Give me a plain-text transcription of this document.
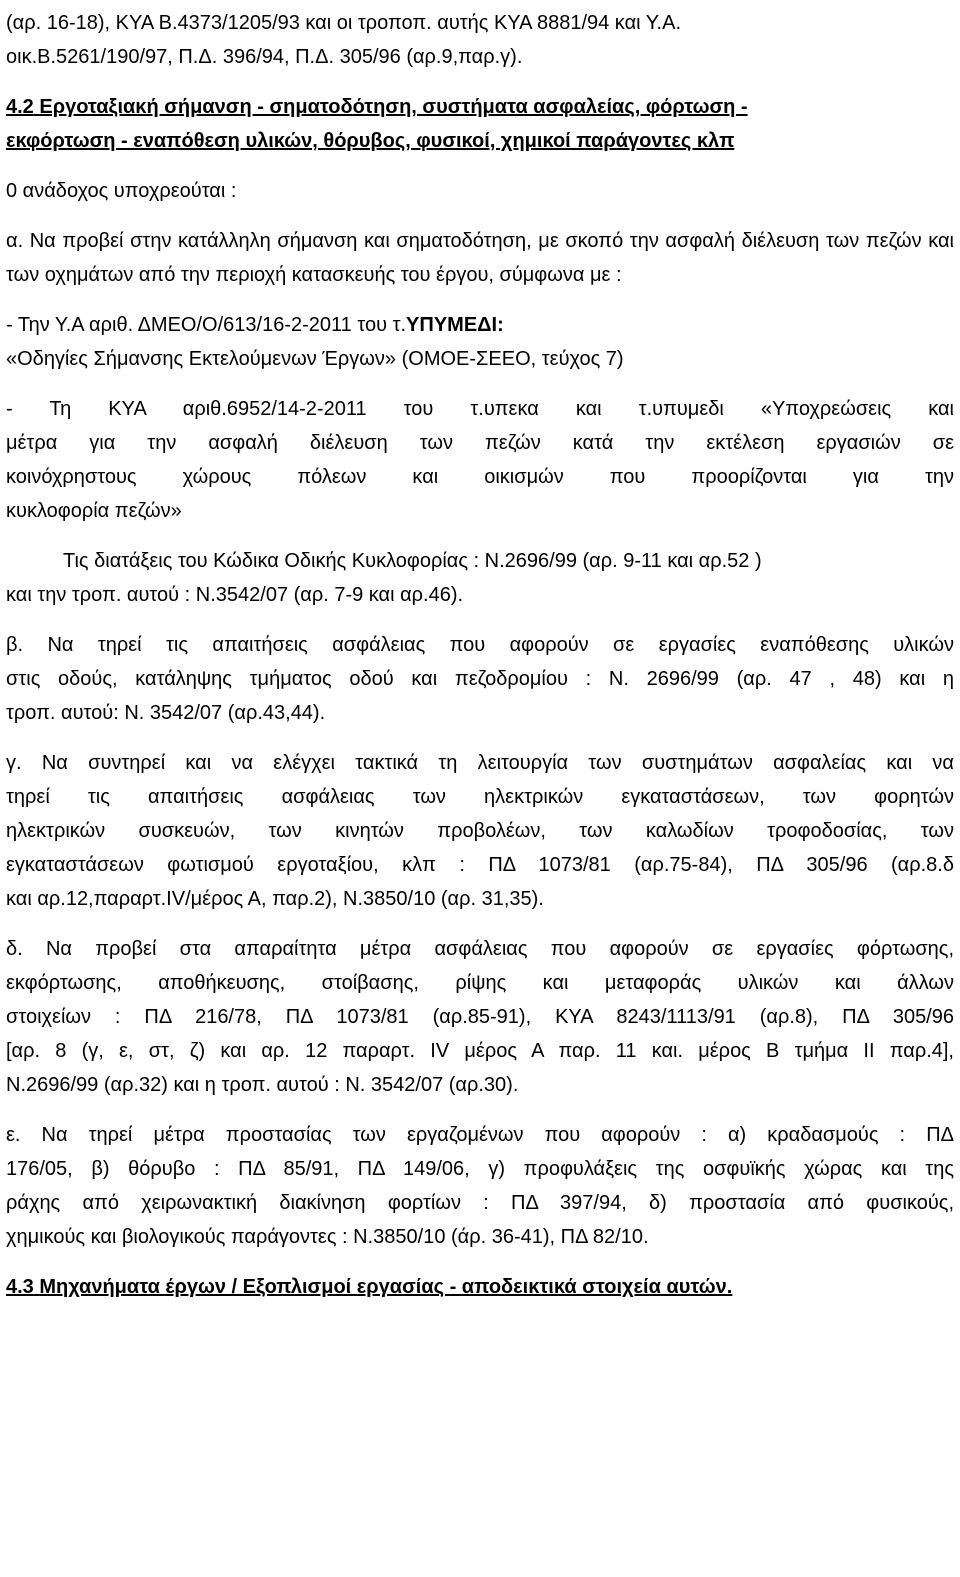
(αρ. 16-18), ΚΥΑ Β.4373/1205/93 και οι τροποπ. αυτής ΚΥΑ 8881/94 και Υ.Α.

οικ.Β.5261/190/97, Π.Δ. 396/94, Π.Δ. 305/96 (αρ.9,παρ.γ).

4.2 Εργοταξιακή σήμανση - σηματοδότηση, συστήματα ασφαλείας, φόρτωση -
εκφόρτωση - εναπόθεση υλικών, θόρυβος, φυσικοί, χημικοί παράγοντες κλπ

0 ανάδοχος υποχρεούται :

α. Να προβεί στην κατάλληλη σήμανση και σηματοδότηση, με σκοπό την ασφαλή διέλευση των πεζών και των οχημάτων από την περιοχή κατασκευής του έργου, σύμφωνα με :

- Την Υ.Α αριθ. ΔΜΕΟ/Ο/613/16-2-2011 του τ.ΥΠΥΜΕΔΙ:

«Οδηγίες Σήμανσης Εκτελούμενων Έργων» (ΟΜΟΕ-ΣΕΕΟ, τεύχος 7)

- Τη ΚΥΑ αριθ.6952/14-2-2011 του τ.υπεκα και τ.υπυμεδι «Υποχρεώσεις και

μέτρα για την ασφαλή διέλευση των πεζών κατά την εκτέλεση εργασιών σε

κοινόχρηστους χώρους πόλεων και οικισμών που προορίζονται για την

κυκλοφορία πεζών»

Τις διατάξεις του Κώδικα Οδικής Κυκλοφορίας : Ν.2696/99 (αρ. 9-11 και αρ.52 )

και την τροπ. αυτού : Ν.3542/07 (αρ. 7-9 και αρ.46).

β. Να τηρεί τις απαιτήσεις ασφάλειας που αφορούν σε εργασίες εναπόθεσης υλικών

στις οδούς, κατάληψης τμήματος οδού και πεζοδρομίου : Ν. 2696/99 (αρ. 47 , 48) και η

τροπ. αυτού: Ν. 3542/07 (αρ.43,44).

γ. Να συντηρεί και να ελέγχει τακτικά τη λειτουργία των συστημάτων ασφαλείας και να

τηρεί τις απαιτήσεις ασφάλειας των ηλεκτρικών εγκαταστάσεων, των φορητών

ηλεκτρικών συσκευών, των κινητών προβολέων, των καλωδίων τροφοδοσίας, των

εγκαταστάσεων φωτισμού εργοταξίου, κλπ : ΠΔ 1073/81 (αρ.75-84), ΠΔ 305/96 (αρ.8.δ

και αρ.12,παραρτ.IV/μέρος Α, παρ.2), Ν.3850/10 (αρ. 31,35).

δ. Να προβεί στα απαραίτητα μέτρα ασφάλειας που αφορούν σε εργασίες φόρτωσης,

εκφόρτωσης, αποθήκευσης, στοίβασης, ρίψης και μεταφοράς υλικών και άλλων

στοιχείων : ΠΔ 216/78, ΠΔ 1073/81 (αρ.85-91), ΚΥΑ 8243/1113/91 (αρ.8), ΠΔ 305/96

[αρ. 8 (γ, ε, στ, ζ) και αρ. 12 παραρτ. IV μέρος Α παρ. 11 και. μέρος Β τμήμα ΙΙ παρ.4],

Ν.2696/99 (αρ.32) και η τροπ. αυτού : Ν. 3542/07 (αρ.30).

ε. Να τηρεί μέτρα προστασίας των εργαζομένων που αφορούν : α) κραδασμούς : ΠΔ

176/05, β) θόρυβο : ΠΔ 85/91, ΠΔ 149/06, γ) προφυλάξεις της οσφυϊκής χώρας και της

ράχης από χειρωνακτική διακίνηση φορτίων : ΠΔ 397/94, δ) προστασία από φυσικούς,

χημικούς και βιολογικούς παράγοντες : Ν.3850/10 (άρ. 36-41), ΠΔ 82/10.

4.3 Μηχανήματα έργων / Εξοπλισμοί εργασίας - αποδεικτικά στοιχεία αυτών.
